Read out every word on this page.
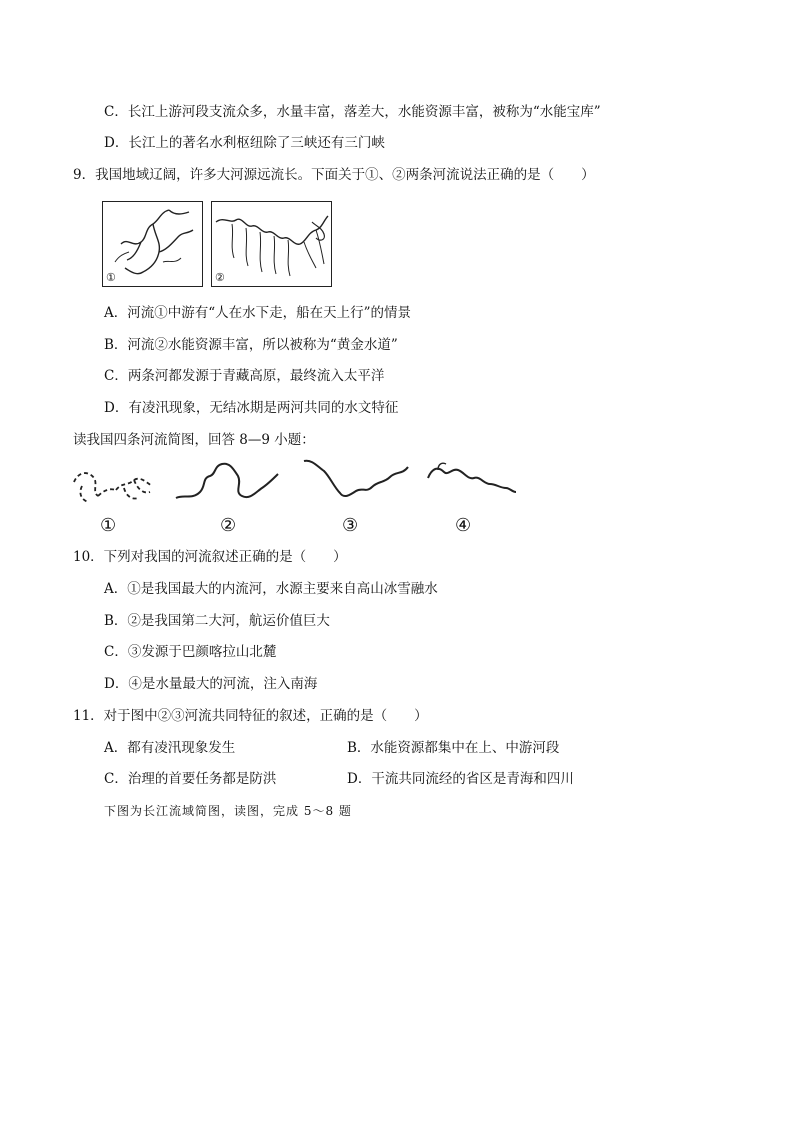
C．长江上游河段支流众多，水量丰富，落差大，水能资源丰富，被称为“水能宝库”
D．长江上的著名水利枢纽除了三峡还有三门峡
9．我国地域辽阔，许多大河源远流长。下面关于①、②两条河流说法正确的是（　　）
①	②
A．河流①中游有“人在水下走，船在天上行”的情景
B．河流②水能资源丰富，所以被称为“黄金水道”
C．两条河都发源于青藏高原，最终流入太平洋
D．有凌汛现象，无结冰期是两河共同的水文特征
读我国四条河流简图，回答 8—9 小题：
①	②	③	④
10．下列对我国的河流叙述正确的是（　　）
A．①是我国最大的内流河，水源主要来自高山冰雪融水
B．②是我国第二大河，航运价值巨大
C．③发源于巴颜喀拉山北麓
D．④是水量最大的河流，注入南海
11．对于图中②③河流共同特征的叙述，正确的是（　　）
A．都有凌汛现象发生	B．水能资源都集中在上、中游河段
C．治理的首要任务都是防洪	D．干流共同流经的省区是青海和四川
下图为长江流域简图，读图，完成 5～8 题
